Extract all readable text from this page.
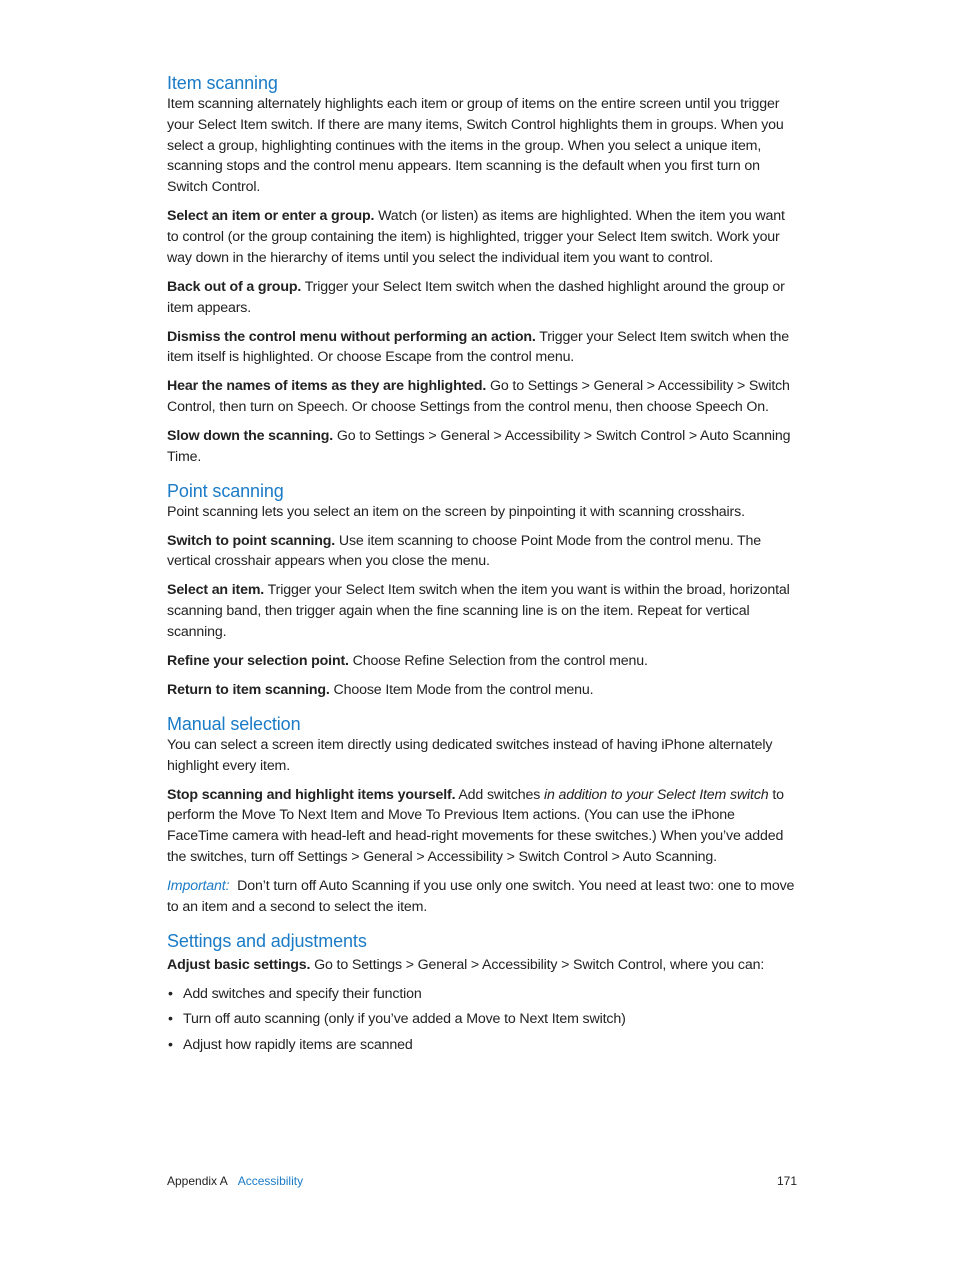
Item scanning

Item scanning alternately highlights each item or group of items on the entire screen until you trigger your Select Item switch. If there are many items, Switch Control highlights them in groups. When you select a group, highlighting continues with the items in the group. When you select a unique item, scanning stops and the control menu appears. Item scanning is the default when you first turn on Switch Control.

Select an item or enter a group. Watch (or listen) as items are highlighted. When the item you want to control (or the group containing the item) is highlighted, trigger your Select Item switch. Work your way down in the hierarchy of items until you select the individual item you want to control.

Back out of a group. Trigger your Select Item switch when the dashed highlight around the group or item appears.

Dismiss the control menu without performing an action. Trigger your Select Item switch when the item itself is highlighted. Or choose Escape from the control menu.

Hear the names of items as they are highlighted. Go to Settings > General > Accessibility > Switch Control, then turn on Speech. Or choose Settings from the control menu, then choose Speech On.

Slow down the scanning. Go to Settings > General > Accessibility > Switch Control > Auto Scanning Time.

Point scanning

Point scanning lets you select an item on the screen by pinpointing it with scanning crosshairs.

Switch to point scanning. Use item scanning to choose Point Mode from the control menu. The vertical crosshair appears when you close the menu.

Select an item. Trigger your Select Item switch when the item you want is within the broad, horizontal scanning band, then trigger again when the fine scanning line is on the item. Repeat for vertical scanning.

Refine your selection point. Choose Refine Selection from the control menu.

Return to item scanning. Choose Item Mode from the control menu.

Manual selection

You can select a screen item directly using dedicated switches instead of having iPhone alternately highlight every item.

Stop scanning and highlight items yourself. Add switches in addition to your Select Item switch to perform the Move To Next Item and Move To Previous Item actions. (You can use the iPhone FaceTime camera with head-left and head-right movements for these switches.) When you’ve added the switches, turn off Settings > General > Accessibility > Switch Control > Auto Scanning.

Important: Don’t turn off Auto Scanning if you use only one switch. You need at least two: one to move to an item and a second to select the item.

Settings and adjustments

Adjust basic settings. Go to Settings > General > Accessibility > Switch Control, where you can:

• Add switches and specify their function
• Turn off auto scanning (only if you’ve added a Move to Next Item switch)
• Adjust how rapidly items are scanned
Appendix A Accessibility	171
